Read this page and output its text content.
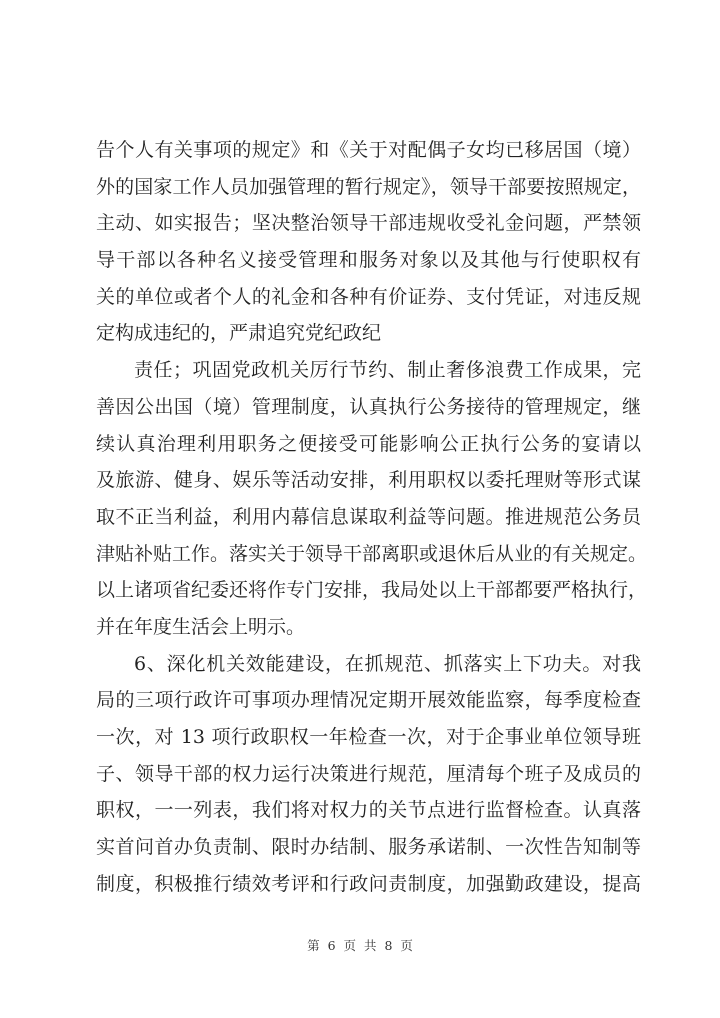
告个人有关事项的规定》和《关于对配偶子女均已移居国（境）
外的国家工作人员加强管理的暂行规定》，领导干部要按照规定，
主动、如实报告；坚决整治领导干部违规收受礼金问题，严禁领
导干部以各种名义接受管理和服务对象以及其他与行使职权有
关的单位或者个人的礼金和各种有价证券、支付凭证，对违反规
定构成违纪的，严肃追究党纪政纪
责任；巩固党政机关厉行节约、制止奢侈浪费工作成果，完
善因公出国（境）管理制度，认真执行公务接待的管理规定，继
续认真治理利用职务之便接受可能影响公正执行公务的宴请以
及旅游、健身、娱乐等活动安排，利用职权以委托理财等形式谋
取不正当利益，利用内幕信息谋取利益等问题。推进规范公务员
津贴补贴工作。落实关于领导干部离职或退休后从业的有关规定。
以上诸项省纪委还将作专门安排，我局处以上干部都要严格执行，
并在年度生活会上明示。
6、深化机关效能建设，在抓规范、抓落实上下功夫。对我
局的三项行政许可事项办理情况定期开展效能监察，每季度检查
一次，对 13 项行政职权一年检查一次，对于企事业单位领导班
子、领导干部的权力运行决策进行规范，厘清每个班子及成员的
职权，一一列表，我们将对权力的关节点进行监督检查。认真落
实首问首办负责制、限时办结制、服务承诺制、一次性告知制等
制度，积极推行绩效考评和行政问责制度，加强勤政建设，提高
第 6 页 共 8 页
